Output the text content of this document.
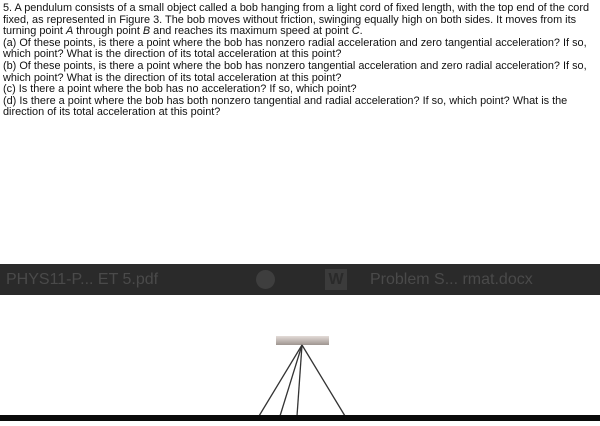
5. A pendulum consists of a small object called a bob hanging from a light cord of fixed length, with the top end of the cord fixed, as represented in Figure 3. The bob moves without friction, swinging equally high on both sides. It moves from its turning point A through point B and reaches its maximum speed at point C.

(a) Of these points, is there a point where the bob has nonzero radial acceleration and zero tangential acceleration? If so, which point? What is the direction of its total acceleration at this point?

(b) Of these points, is there a point where the bob has nonzero tangential acceleration and zero radial acceleration? If so, which point? What is the direction of its total acceleration at this point?

(c) Is there a point where the bob has no acceleration? If so, which point?

(d) Is there a point where the bob has both nonzero tangential and radial acceleration? If so, which point? What is the direction of its total acceleration at this point?

PHYS11-P... ET 5.pdf	W Problem S... rmat.docx
